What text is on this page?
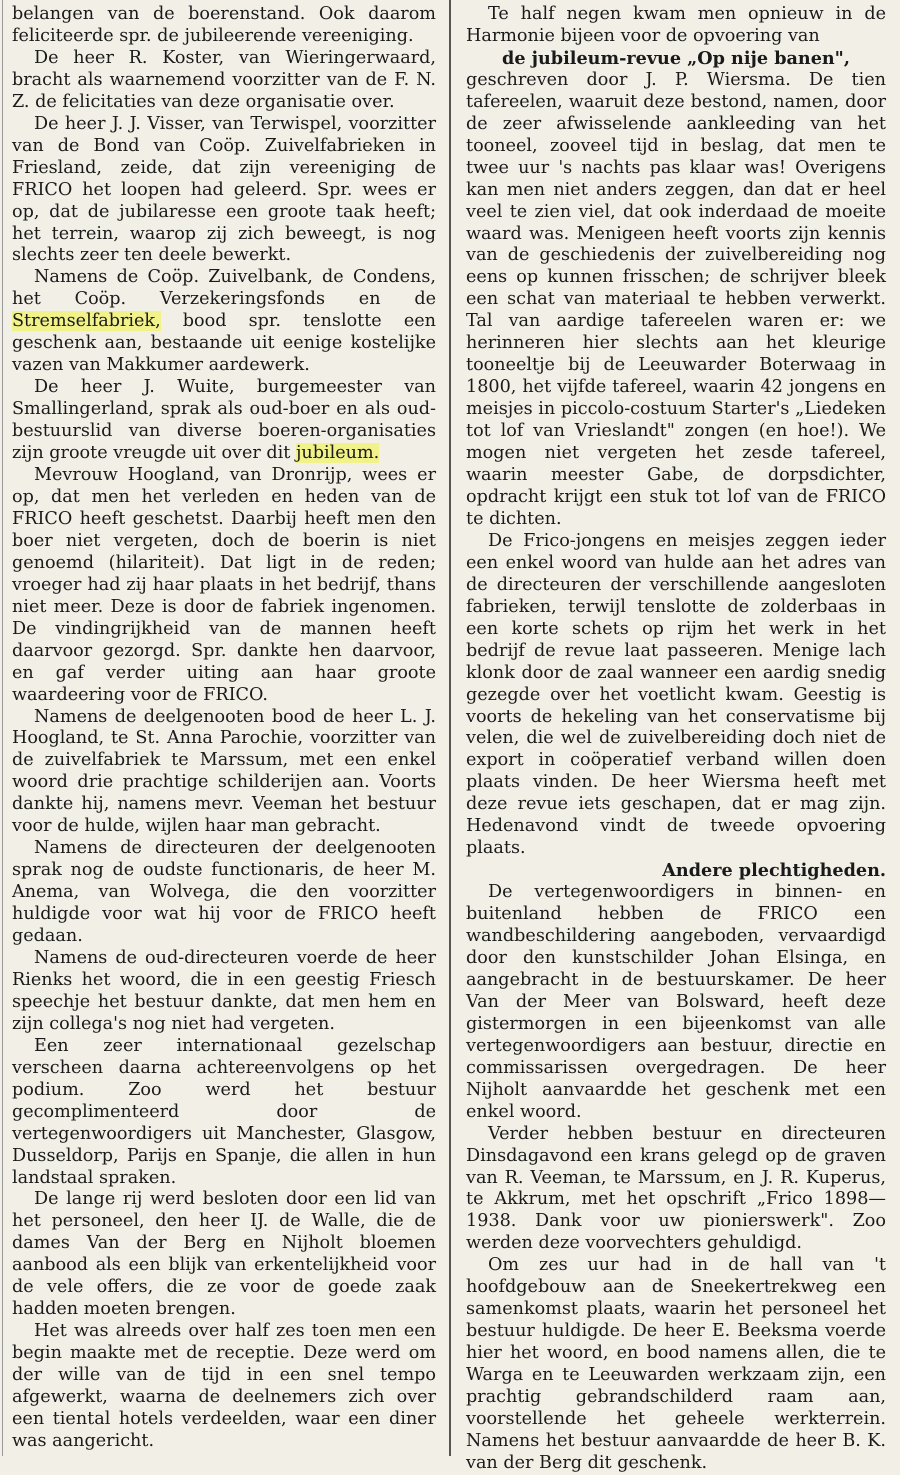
belangen van de boerenstand. Ook daarom feliciteerde spr. de jubileerende vereeniging.

De heer R. Koster, van Wieringerwaard, bracht als waarnemend voorzitter van de F. N. Z. de felicitaties van deze organisatie over.

De heer J. J. Visser, van Terwispel, voorzitter van de Bond van Coöp. Zuivelfabrieken in Friesland, zeide, dat zijn vereeniging de FRICO het loopen had geleerd. Spr. wees er op, dat de jubilaresse een groote taak heeft; het terrein, waarop zij zich beweegt, is nog slechts zeer ten deele bewerkt.

Namens de Coöp. Zuivelbank, de Condens, het Coöp. Verzekeringsfonds en de Stremselfabriek, bood spr. tenslotte een geschenk aan, bestaande uit eenige kostelijke vazen van Makkumer aardewerk.

De heer J. Wuite, burgemeester van Smallingerland, sprak als oud-boer en als oud-bestuurslid van diverse boeren-organisaties zijn groote vreugde uit over dit jubileum.

Mevrouw Hoogland, van Dronrijp, wees er op, dat men het verleden en heden van de FRICO heeft geschetst. Daarbij heeft men den boer niet vergeten, doch de boerin is niet genoemd (hilariteit). Dat ligt in de reden; vroeger had zij haar plaats in het bedrijf, thans niet meer. Deze is door de fabriek ingenomen. De vindingrijkheid van de mannen heeft daarvoor gezorgd. Spr. dankte hen daarvoor, en gaf verder uiting aan haar groote waardeering voor de FRICO.

Namens de deelgenooten bood de heer L. J. Hoogland, te St. Anna Parochie, voorzitter van de zuivelfabriek te Marssum, met een enkel woord drie prachtige schilderijen aan. Voorts dankte hij, namens mevr. Veeman het bestuur voor de hulde, wijlen haar man gebracht.

Namens de directeuren der deelgenooten sprak nog de oudste functionaris, de heer M. Anema, van Wolvega, die den voorzitter huldigde voor wat hij voor de FRICO heeft gedaan.

Namens de oud-directeuren voerde de heer Rienks het woord, die in een geestig Friesch speechje het bestuur dankte, dat men hem en zijn collega's nog niet had vergeten.

Een zeer internationaal gezelschap verscheen daarna achtereenvolgens op het podium. Zoo werd het bestuur gecomplimenteerd door de vertegenwoordigers uit Manchester, Glasgow, Dusseldorp, Parijs en Spanje, die allen in hun landstaal spraken.

De lange rij werd besloten door een lid van het personeel, den heer IJ. de Walle, die de dames Van der Berg en Nijholt bloemen aanbood als een blijk van erkentelijkheid voor de vele offers, die ze voor de goede zaak hadden moeten brengen.

Het was alreeds over half zes toen men een begin maakte met de receptie. Deze werd om der wille van de tijd in een snel tempo afgewerkt, waarna de deelnemers zich over een tiental hotels verdeelden, waar een diner was aangericht.

Te half negen kwam men opnieuw in de Harmonie bijeen voor de opvoering van

de jubileum-revue „Op nije banen",

geschreven door J. P. Wiersma. De tien tafereelen, waaruit deze bestond, namen, door de zeer afwisselende aankleeding van het tooneel, zooveel tijd in beslag, dat men te twee uur 's nachts pas klaar was! Overigens kan men niet anders zeggen, dan dat er heel veel te zien viel, dat ook inderdaad de moeite waard was. Menigeen heeft voorts zijn kennis van de geschiedenis der zuivelbereiding nog eens op kunnen frisschen; de schrijver bleek een schat van materiaal te hebben verwerkt. Tal van aardige tafereelen waren er: we herinneren hier slechts aan het kleurige tooneeltje bij de Leeuwarder Boterwaag in 1800, het vijfde tafereel, waarin 42 jongens en meisjes in piccolo-costuum Starter's „Liedeken tot lof van Vrieslandt" zongen (en hoe!). We mogen niet vergeten het zesde tafereel, waarin meester Gabe, de dorpsdichter, opdracht krijgt een stuk tot lof van de FRICO te dichten.

De Frico-jongens en meisjes zeggen ieder een enkel woord van hulde aan het adres van de directeuren der verschillende aangesloten fabrieken, terwijl tenslotte de zolderbaas in een korte schets op rijm het werk in het bedrijf de revue laat passeeren. Menige lach klonk door de zaal wanneer een aardig snedig gezegde over het voetlicht kwam. Geestig is voorts de hekeling van het conservatisme bij velen, die wel de zuivelbereiding doch niet de export in coöperatief verband willen doen plaats vinden. De heer Wiersma heeft met deze revue iets geschapen, dat er mag zijn. Hedenavond vindt de tweede opvoering plaats.

Andere plechtigheden.

De vertegenwoordigers in binnen- en buitenland hebben de FRICO een wandbeschildering aangeboden, vervaardigd door den kunstschilder Johan Elsinga, en aangebracht in de bestuurskamer. De heer Van der Meer van Bolsward, heeft deze gistermorgen in een bijeenkomst van alle vertegenwoordigers aan bestuur, directie en commissarissen overgedragen. De heer Nijholt aanvaardde het geschenk met een enkel woord.

Verder hebben bestuur en directeuren Dinsdagavond een krans gelegd op de graven van R. Veeman, te Marssum, en J. R. Kuperus, te Akkrum, met het opschrift „Frico 1898—1938. Dank voor uw pionierswerk". Zoo werden deze voorvechters gehuldigd.

Om zes uur had in de hall van 't hoofdgebouw aan de Sneekertrekweg een samenkomst plaats, waarin het personeel het bestuur huldigde. De heer E. Beeksma voerde hier het woord, en bood namens allen, die te Warga en te Leeuwarden werkzaam zijn, een prachtig gebrandschilderd raam aan, voorstellende het geheele werkterrein. Namens het bestuur aanvaardde de heer B. K. van der Berg dit geschenk.
